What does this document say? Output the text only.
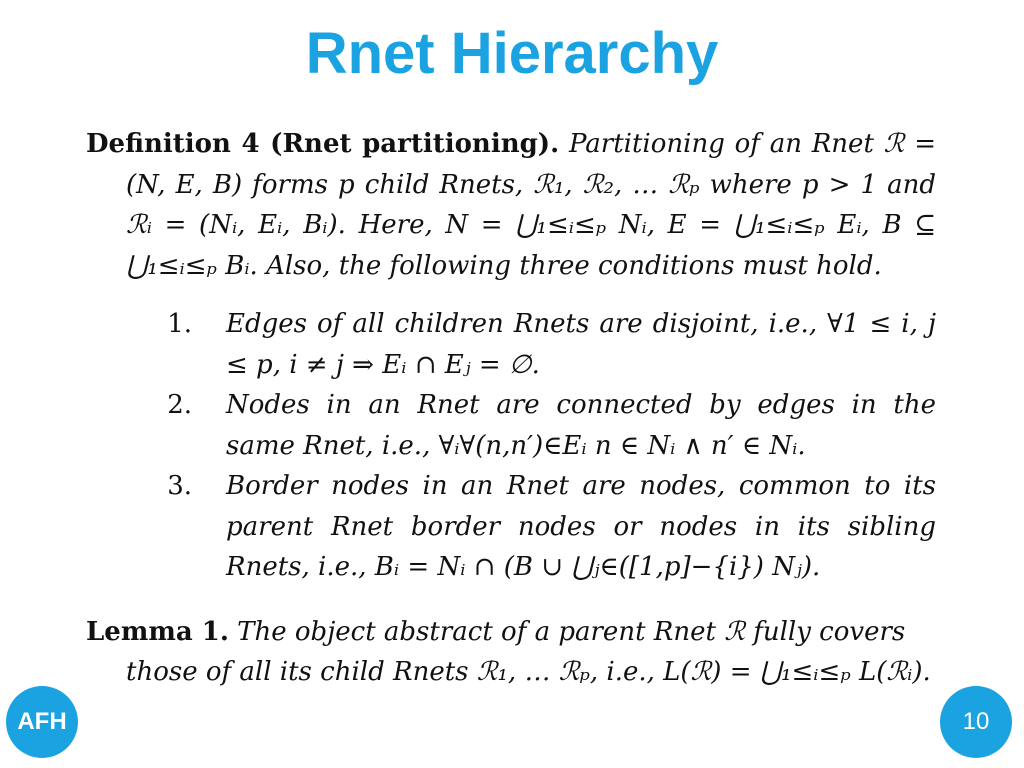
Rnet Hierarchy
Definition 4 (Rnet partitioning). Partitioning of an Rnet ℛ = (N, E, B) forms p child Rnets, ℛ₁, ℛ₂, … ℛₚ where p > 1 and ℛᵢ = (Nᵢ, Eᵢ, Bᵢ). Here, N = ⋃₁≤ᵢ≤ₚ Nᵢ, E = ⋃₁≤ᵢ≤ₚ Eᵢ, B ⊆ ⋃₁≤ᵢ≤ₚ Bᵢ. Also, the following three conditions must hold.
1.	Edges of all children Rnets are disjoint, i.e., ∀1 ≤ i, j ≤ p, i ≠ j ⇒ Eᵢ ∩ Eⱼ = ∅.
2.	Nodes in an Rnet are connected by edges in the same Rnet, i.e., ∀ᵢ∀(n,n′)∈Eᵢ n ∈ Nᵢ ∧ n′ ∈ Nᵢ.
3.	Border nodes in an Rnet are nodes, common to its parent Rnet border nodes or nodes in its sibling Rnets, i.e., Bᵢ = Nᵢ ∩ (B ∪ ⋃ⱼ∈([1,p]−{i}) Nⱼ).
Lemma 1. The object abstract of a parent Rnet ℛ fully covers those of all its child Rnets ℛ₁, … ℛₚ, i.e., L(ℛ) = ⋃₁≤ᵢ≤ₚ L(ℛᵢ).
AFH	10
